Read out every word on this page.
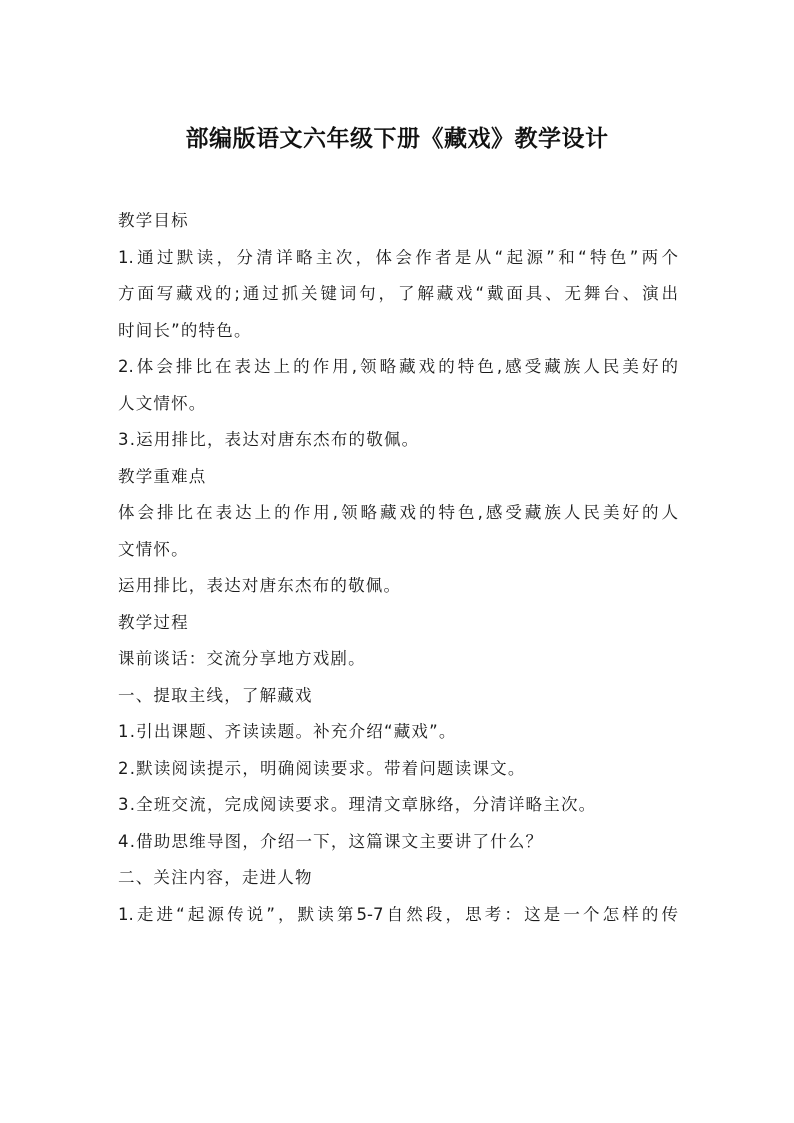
部编版语文六年级下册《藏戏》教学设计
教学目标
1.通过默读，分清详略主次，体会作者是从“起源”和“特色”两个
方面写藏戏的;通过抓关键词句，了解藏戏“戴面具、无舞台、演出
时间长”的特色。
2.体会排比在表达上的作用,领略藏戏的特色,感受藏族人民美好的
人文情怀。
3.运用排比，表达对唐东杰布的敬佩。
教学重难点
体会排比在表达上的作用,领略藏戏的特色,感受藏族人民美好的人
文情怀。
运用排比，表达对唐东杰布的敬佩。
教学过程
课前谈话：交流分享地方戏剧。
一、提取主线，了解藏戏
1.引出课题、齐读读题。补充介绍“藏戏”。
2.默读阅读提示，明确阅读要求。带着问题读课文。
3.全班交流，完成阅读要求。理清文章脉络，分清详略主次。
4.借助思维导图，介绍一下，这篇课文主要讲了什么？
二、关注内容，走进人物
1.走进“起源传说”，默读第5-7自然段，思考：这是一个怎样的传
